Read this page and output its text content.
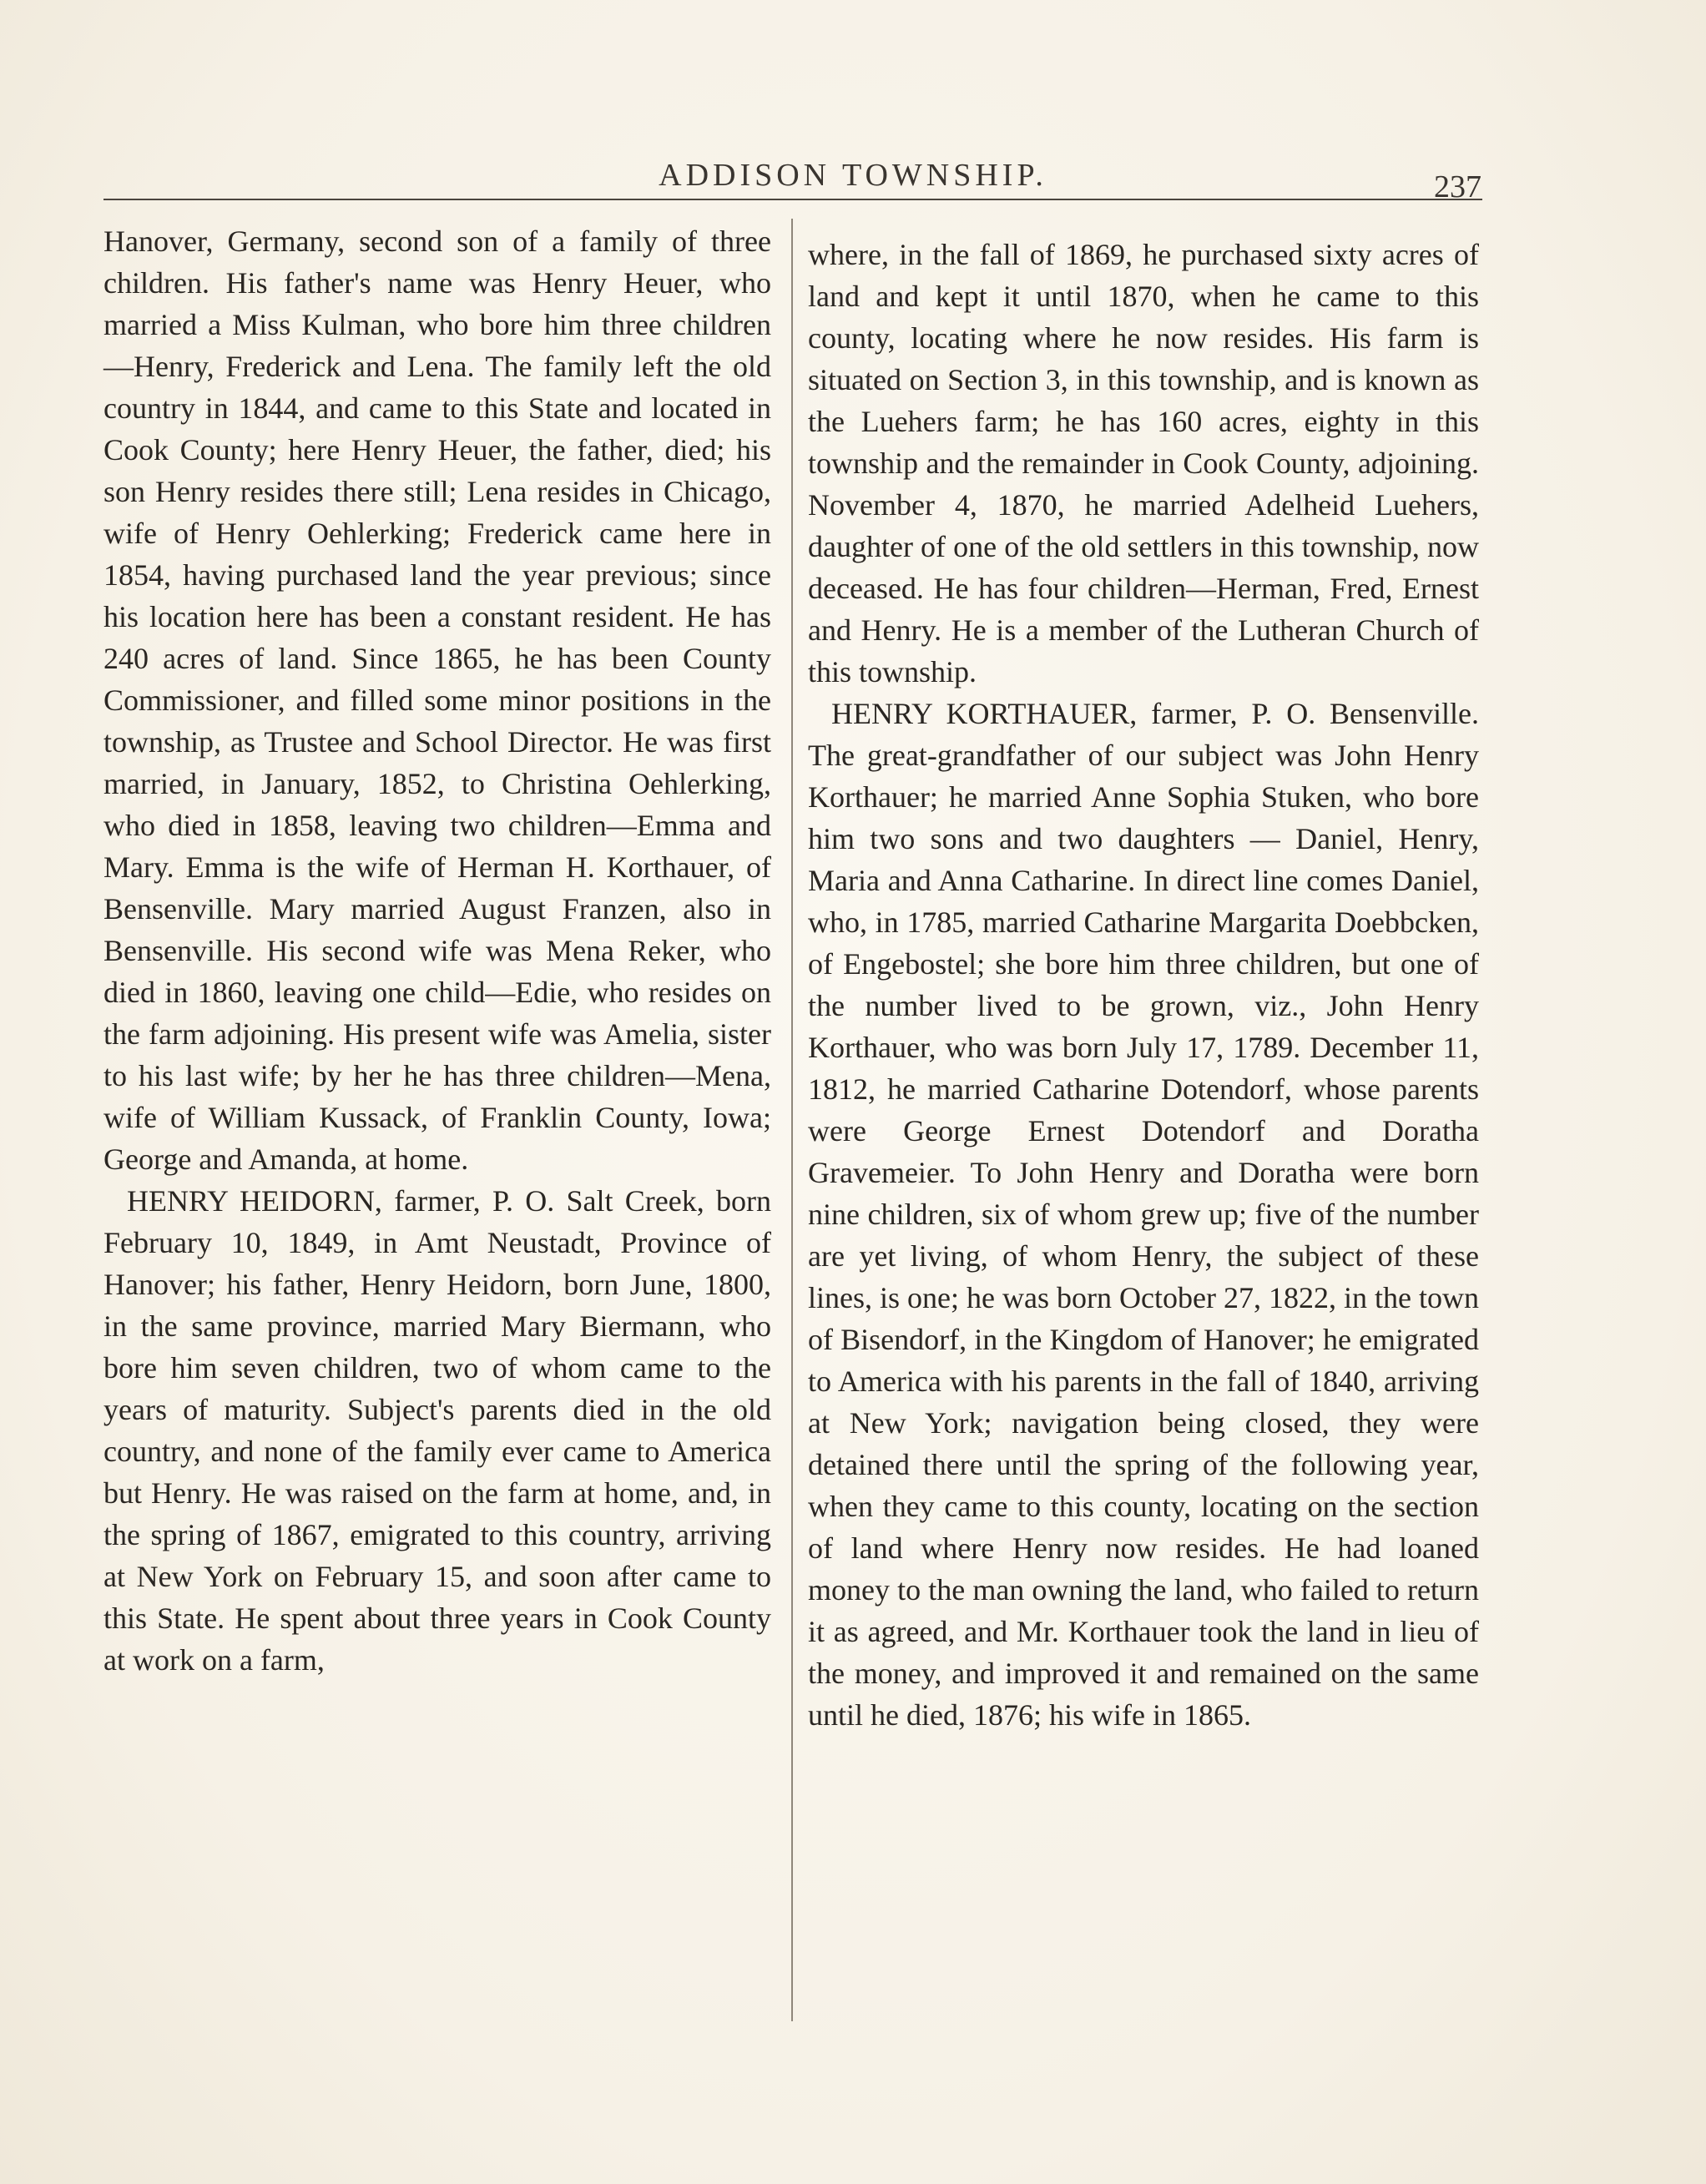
ADDISON TOWNSHIP.	237

Hanover, Germany, second son of a family of three children. His father's name was Henry Heuer, who married a Miss Kulman, who bore him three children—Henry, Frederick and Lena. The family left the old country in 1844, and came to this State and located in Cook County; here Henry Heuer, the father, died; his son Henry resides there still; Lena resides in Chicago, wife of Henry Oehlerking; Frederick came here in 1854, having purchased land the year previous; since his location here has been a constant resident. He has 240 acres of land. Since 1865, he has been County Commissioner, and filled some minor positions in the township, as Trustee and School Director. He was first married, in January, 1852, to Christina Oehlerking, who died in 1858, leaving two children—Emma and Mary. Emma is the wife of Herman H. Korthauer, of Bensenville. Mary married August Franzen, also in Bensenville. His second wife was Mena Reker, who died in 1860, leaving one child—Edie, who resides on the farm adjoining. His present wife was Amelia, sister to his last wife; by her he has three children—Mena, wife of William Kussack, of Franklin County, Iowa; George and Amanda, at home.

HENRY HEIDORN, farmer, P. O. Salt Creek, born February 10, 1849, in Amt Neustadt, Province of Hanover; his father, Henry Heidorn, born June, 1800, in the same province, married Mary Biermann, who bore him seven children, two of whom came to the years of maturity. Subject's parents died in the old country, and none of the family ever came to America but Henry. He was raised on the farm at home, and, in the spring of 1867, emigrated to this country, arriving at New York on February 15, and soon after came to this State. He spent about three years in Cook County at work on a farm,

where, in the fall of 1869, he purchased sixty acres of land and kept it until 1870, when he came to this county, locating where he now resides. His farm is situated on Section 3, in this township, and is known as the Luehers farm; he has 160 acres, eighty in this township and the remainder in Cook County, adjoining. November 4, 1870, he married Adelheid Luehers, daughter of one of the old settlers in this township, now deceased. He has four children—Herman, Fred, Ernest and Henry. He is a member of the Lutheran Church of this township.

HENRY KORTHAUER, farmer, P. O. Bensenville. The great-grandfather of our subject was John Henry Korthauer; he married Anne Sophia Stuken, who bore him two sons and two daughters — Daniel, Henry, Maria and Anna Catharine. In direct line comes Daniel, who, in 1785, married Catharine Margarita Doebbcken, of Engebostel; she bore him three children, but one of the number lived to be grown, viz., John Henry Korthauer, who was born July 17, 1789. December 11, 1812, he married Catharine Dotendorf, whose parents were George Ernest Dotendorf and Doratha Gravemeier. To John Henry and Doratha were born nine children, six of whom grew up; five of the number are yet living, of whom Henry, the subject of these lines, is one; he was born October 27, 1822, in the town of Bisendorf, in the Kingdom of Hanover; he emigrated to America with his parents in the fall of 1840, arriving at New York; navigation being closed, they were detained there until the spring of the following year, when they came to this county, locating on the section of land where Henry now resides. He had loaned money to the man owning the land, who failed to return it as agreed, and Mr. Korthauer took the land in lieu of the money, and improved it and remained on the same until he died, 1876; his wife in 1865.
